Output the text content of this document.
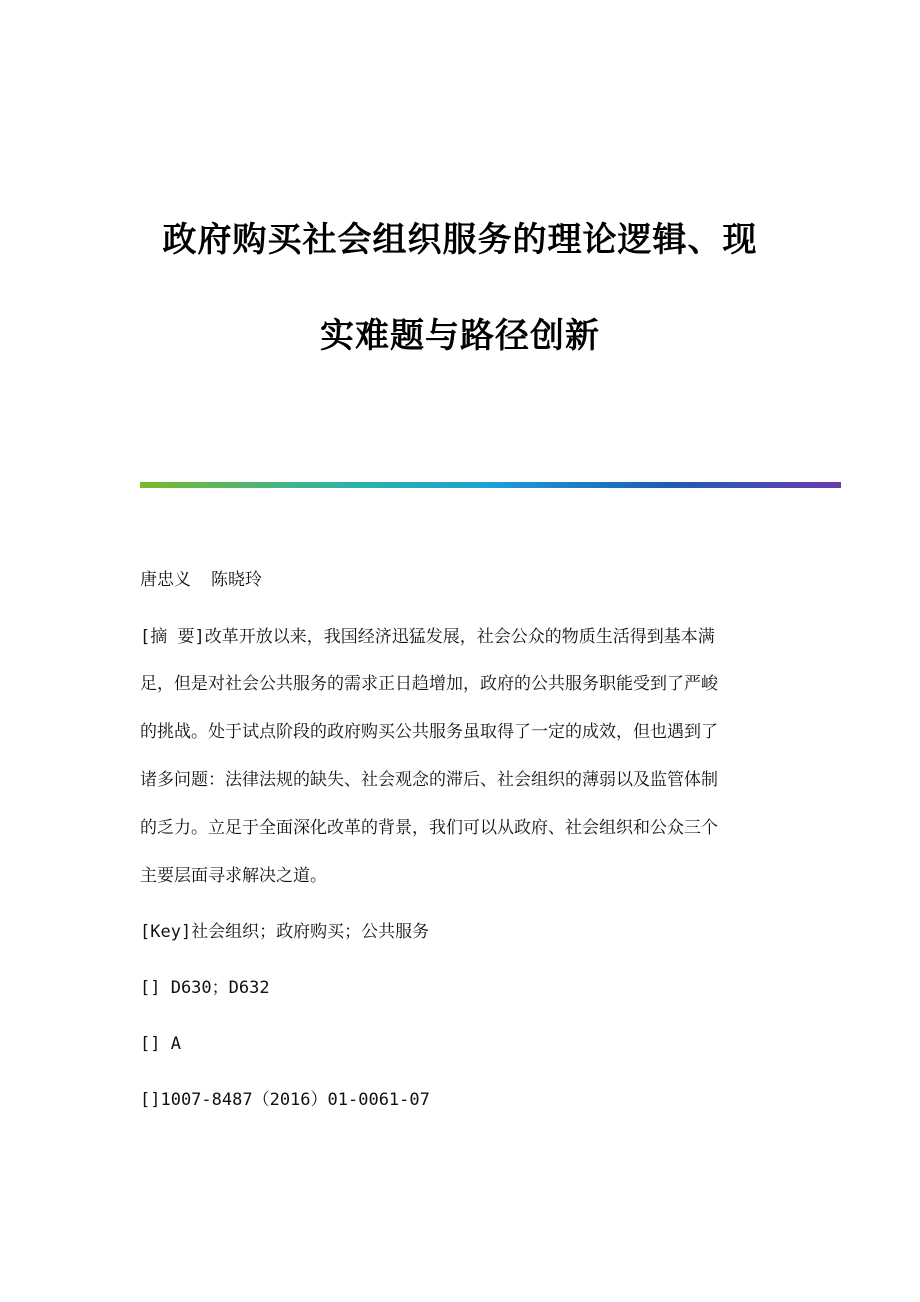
政府购买社会组织服务的理论逻辑、现
实难题与路径创新
唐忠义 陈晓玲
[摘 要]改革开放以来，我国经济迅猛发展，社会公众的物质生活得到基本满
足，但是对社会公共服务的需求正日趋增加，政府的公共服务职能受到了严峻
的挑战。处于试点阶段的政府购买公共服务虽取得了一定的成效，但也遇到了
诸多问题：法律法规的缺失、社会观念的滞后、社会组织的薄弱以及监管体制
的乏力。立足于全面深化改革的背景，我们可以从政府、社会组织和公众三个
主要层面寻求解决之道。
[Key]社会组织；政府购买；公共服务
[] D630；D632
[] A
[]1007-8487（2016）01-0061-07
